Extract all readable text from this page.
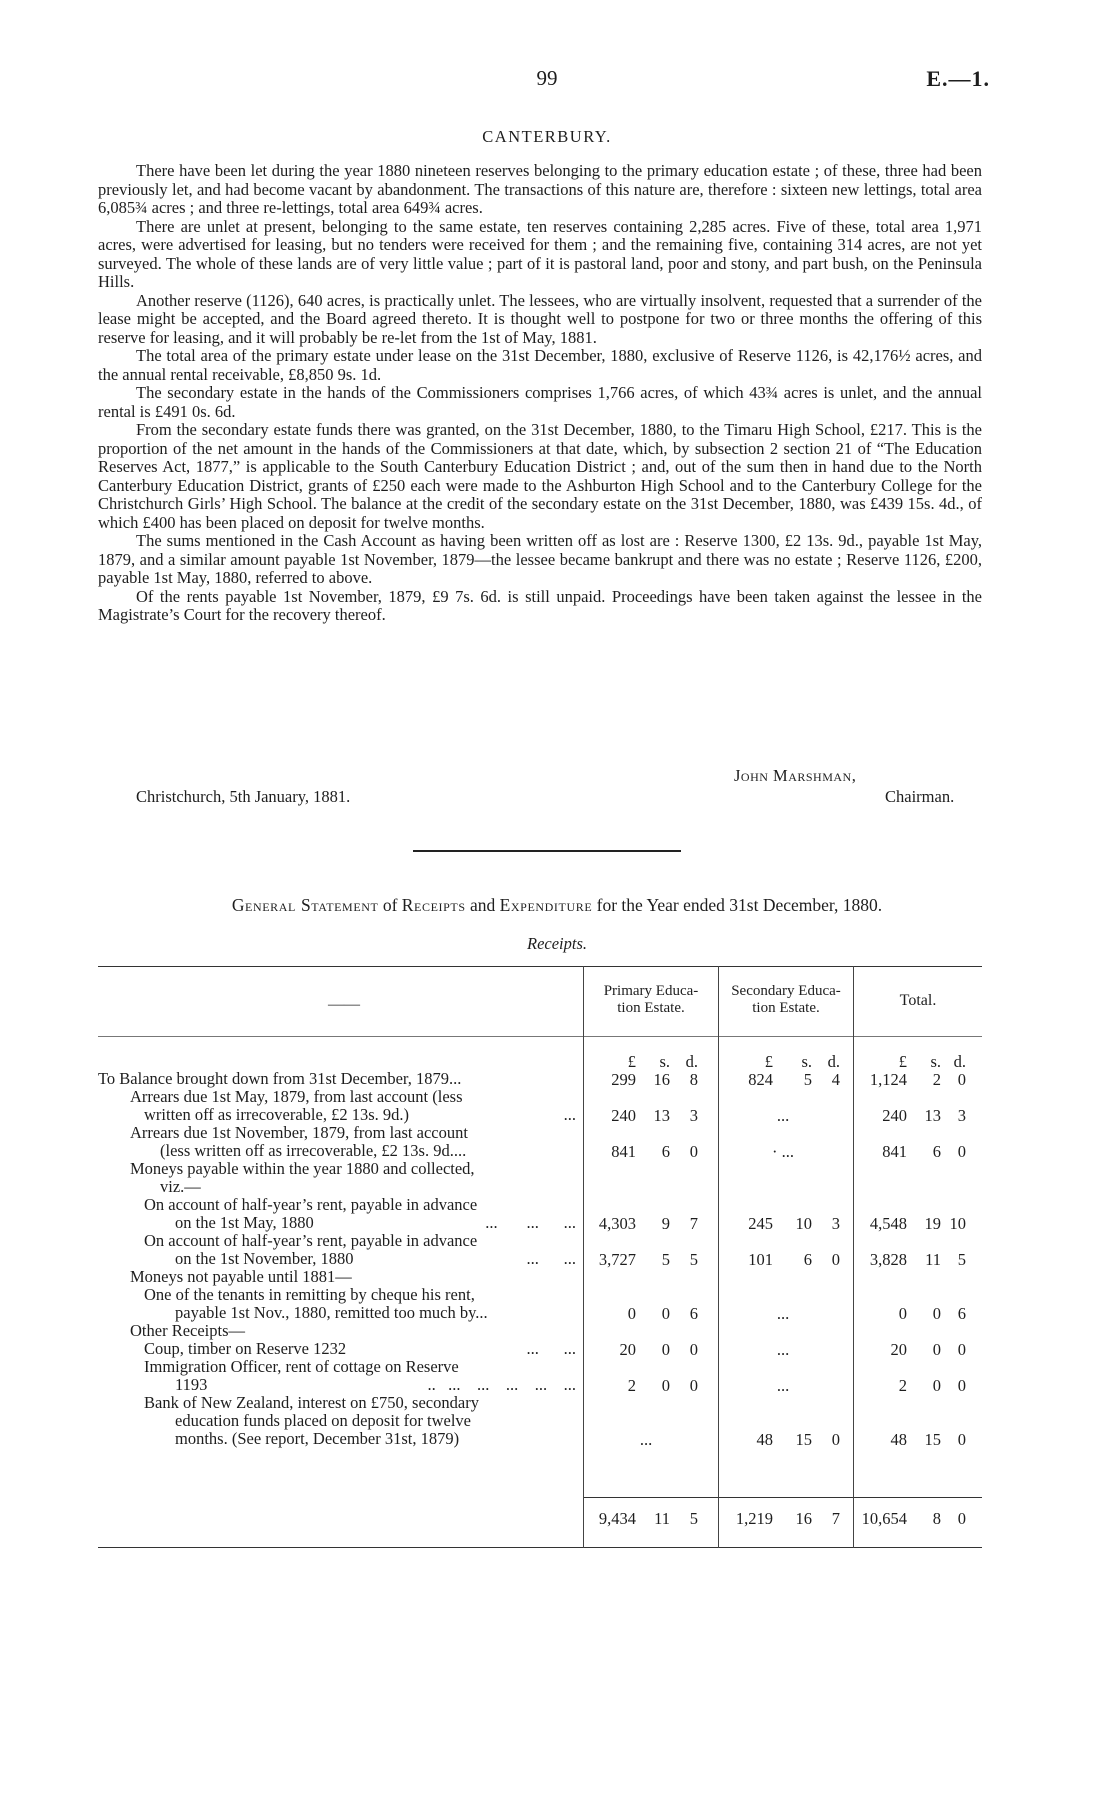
99	E.—1.
CANTERBURY.

There have been let during the year 1880 nineteen reserves belonging to the primary education estate ; of these, three had been previously let, and had become vacant by abandonment. The transactions of this nature are, therefore : sixteen new lettings, total area 6,085¾ acres ; and three re-lettings, total area 649¾ acres.

There are unlet at present, belonging to the same estate, ten reserves containing 2,285 acres. Five of these, total area 1,971 acres, were advertised for leasing, but no tenders were received for them ; and the remaining five, containing 314 acres, are not yet surveyed. The whole of these lands are of very little value ; part of it is pastoral land, poor and stony, and part bush, on the Peninsula Hills.

Another reserve (1126), 640 acres, is practically unlet. The lessees, who are virtually insolvent, requested that a surrender of the lease might be accepted, and the Board agreed thereto. It is thought well to postpone for two or three months the offering of this reserve for leasing, and it will probably be re-let from the 1st of May, 1881.

The total area of the primary estate under lease on the 31st December, 1880, exclusive of Reserve 1126, is 42,176½ acres, and the annual rental receivable, £8,850 9s. 1d.

The secondary estate in the hands of the Commissioners comprises 1,766 acres, of which 43¾ acres is unlet, and the annual rental is £491 0s. 6d.

From the secondary estate funds there was granted, on the 31st December, 1880, to the Timaru High School, £217. This is the proportion of the net amount in the hands of the Commissioners at that date, which, by subsection 2 section 21 of “The Education Reserves Act, 1877,” is applicable to the South Canterbury Education District ; and, out of the sum then in hand due to the North Canterbury Education District, grants of £250 each were made to the Ashburton High School and to the Canterbury College for the Christchurch Girls’ High School. The balance at the credit of the secondary estate on the 31st December, 1880, was £439 15s. 4d., of which £400 has been placed on deposit for twelve months.

The sums mentioned in the Cash Account as having been written off as lost are : Reserve 1300, £2 13s. 9d., payable 1st May, 1879, and a similar amount payable 1st November, 1879—the lessee became bankrupt and there was no estate ; Reserve 1126, £200, payable 1st May, 1880, referred to above.

Of the rents payable 1st November, 1879, £9 7s. 6d. is still unpaid. Proceedings have been taken against the lessee in the Magistrate’s Court for the recovery thereof.

John Marshman,
Christchurch, 5th January, 1881.	Chairman.
General Statement of Receipts and Expenditure for the Year ended 31st December, 1880.
Receipts.
——
Primary Educa-
tion Estate.
Secondary Educa-
tion Estate.	Total.
£	s. d.	£	s. d.	£	s. d.
To Balance brought down from 31st December, 1879...	299	16	8	824	5	4	1,124	2	0
Arrears due 1st May, 1879, from last account (less
written off as irrecoverable, £2 13s. 9d.)	...	240	13	3	...	240	13	3
Arrears due 1st November, 1879, from last account
(less written off as irrecoverable, £2 13s. 9d....	841	6	0	· ...	841	6	0
Moneys payable within the year 1880 and collected,
viz.—
On account of half-year’s rent, payable in advance
on the 1st May, 1880	...       ...      ...	4,303	9	7	245	10	3	4,548	19 10
On account of half-year’s rent, payable in advance
on the 1st November, 1880	...      ...	3,727	5	5	101	6	0	3,828	11	5
Moneys not payable until 1881—
One of the tenants in remitting by cheque his rent,
payable 1st Nov., 1880, remitted too much by...	0	0	6	...	0	0	6
Other Receipts—
Coup, timber on Reserve 1232	...      ...	20	0	0	...	20	0	0
Immigration Officer, rent of cottage on Reserve
1193	..   ...    ...    ...    ...    ...	2	0	0	...	2	0	0
Bank of New Zealand, interest on £750, secondary
education funds placed on deposit for twelve
months. (See report, December 31st, 1879)	...	48	15	0	48	15	0
9,434	11	5	1,219	16	7	10,654	8	0
